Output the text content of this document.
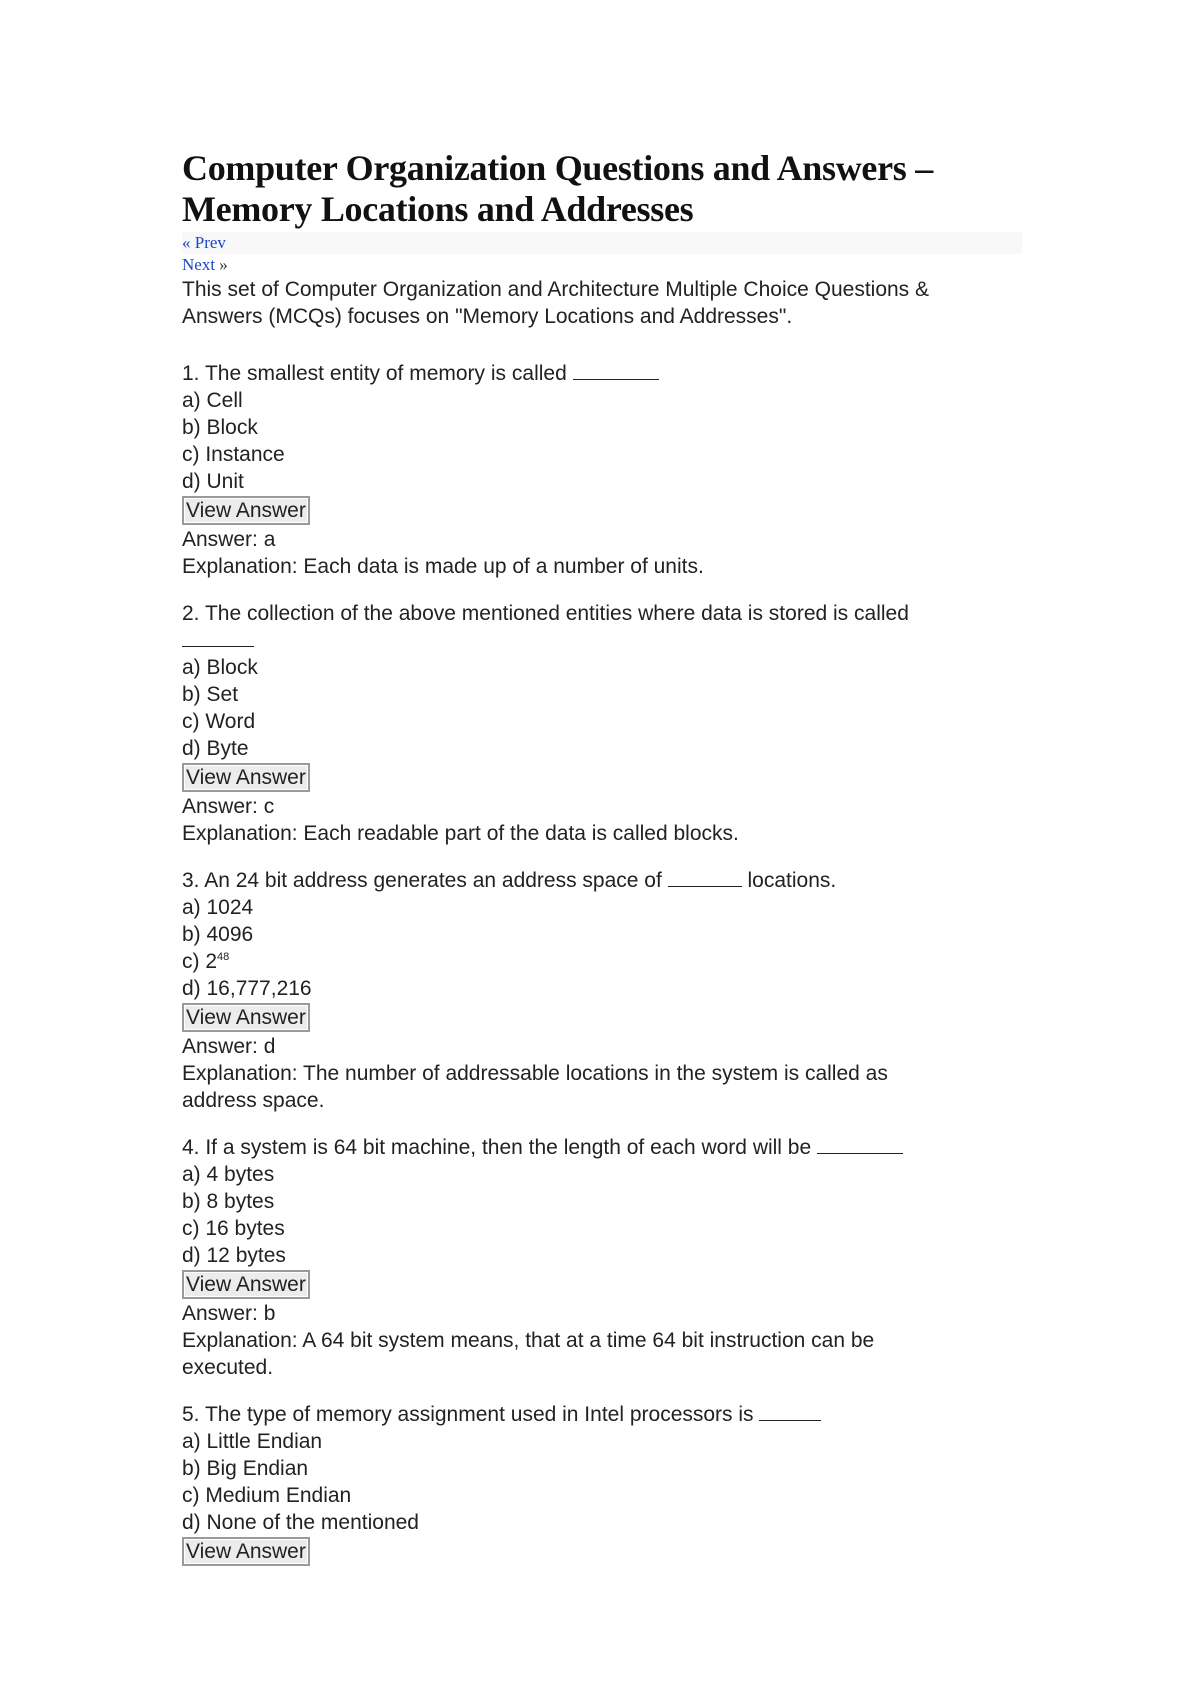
Computer Organization Questions and Answers –
Memory Locations and Addresses
« Prev
Next »
This set of Computer Organization and Architecture Multiple Choice Questions &
Answers (MCQs) focuses on "Memory Locations and Addresses".
1. The smallest entity of memory is called
a) Cell
b) Block
c) Instance
d) Unit
View Answer
Answer: a
Explanation: Each data is made up of a number of units.
2. The collection of the above mentioned entities where data is stored is called
a) Block
b) Set
c) Word
d) Byte
View Answer
Answer: c
Explanation: Each readable part of the data is called blocks.
3. An 24 bit address generates an address space of	locations.
a) 1024
b) 4096
c) $2^{48}$
d) 16,777,216
View Answer
Answer: d
Explanation: The number of addressable locations in the system is called as
address space.
4. If a system is 64 bit machine, then the length of each word will be
a) 4 bytes
b) 8 bytes
c) 16 bytes
d) 12 bytes
View Answer
Answer: b
Explanation: A 64 bit system means, that at a time 64 bit instruction can be
executed.
5. The type of memory assignment used in Intel processors is
a) Little Endian
b) Big Endian
c) Medium Endian
d) None of the mentioned
View Answer
